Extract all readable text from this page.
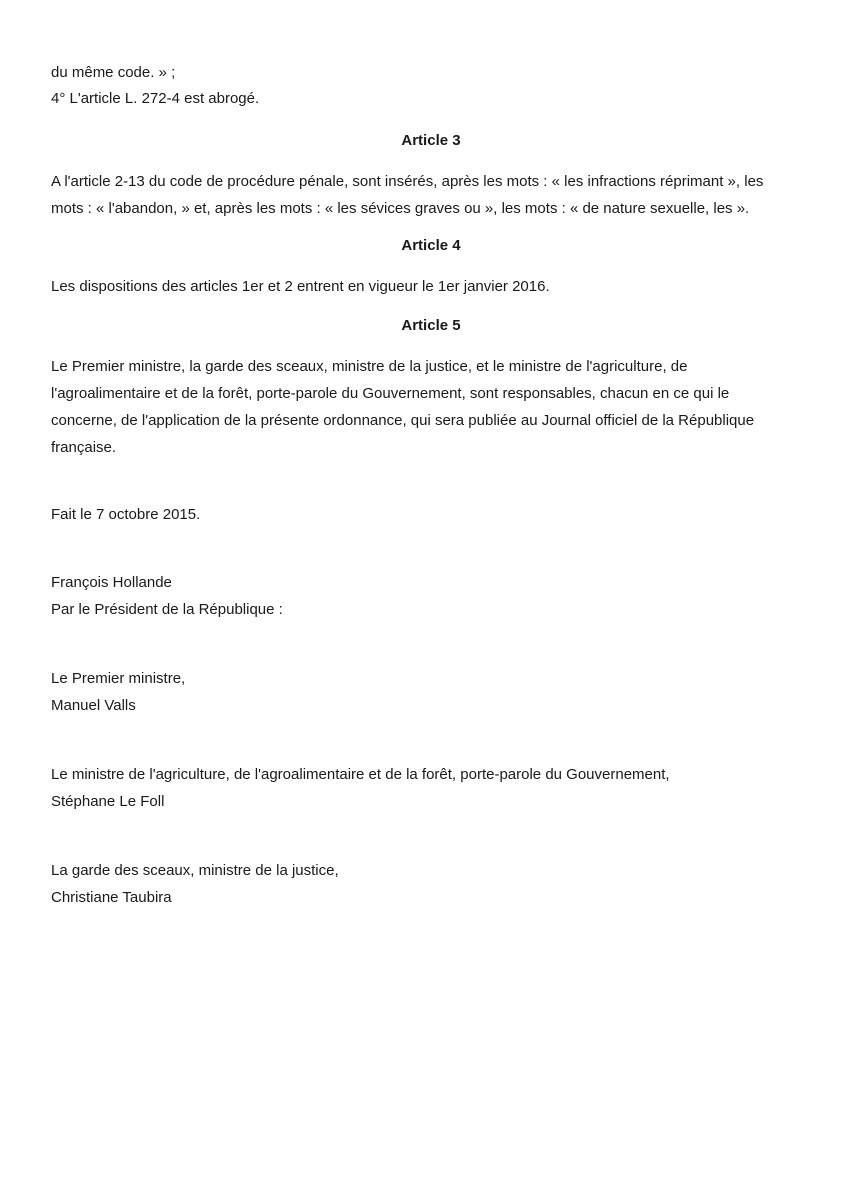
du même code. » ;

4° L'article L. 272-4 est abrogé.

Article 3

A l'article 2-13 du code de procédure pénale, sont insérés, après les mots : « les infractions réprimant », les

mots : « l'abandon, » et, après les mots : « les sévices graves ou », les mots : « de nature sexuelle, les ».

Article 4

Les dispositions des articles 1er et 2 entrent en vigueur le 1er janvier 2016.

Article 5

Le Premier ministre, la garde des sceaux, ministre de la justice, et le ministre de l'agriculture, de

l'agroalimentaire et de la forêt, porte-parole du Gouvernement, sont responsables, chacun en ce qui le

concerne, de l'application de la présente ordonnance, qui sera publiée au Journal officiel de la République

française.

Fait le 7 octobre 2015.

François Hollande

Par le Président de la République :

Le Premier ministre,

Manuel Valls

Le ministre de l'agriculture, de l'agroalimentaire et de la forêt, porte-parole du Gouvernement,

Stéphane Le Foll

La garde des sceaux, ministre de la justice,

Christiane Taubira
